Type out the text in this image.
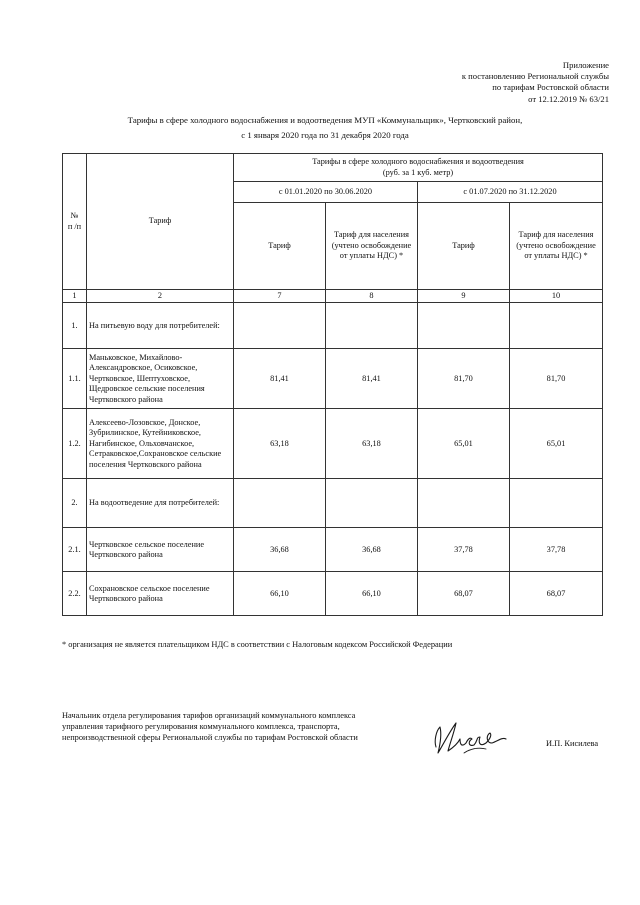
Приложение
к постановлению Региональной службы
по тарифам Ростовской области
от 12.12.2019 № 63/21
Тарифы в сфере холодного водоснабжения и водоотведения МУП «Коммунальщик», Чертковский район,
с 1 января 2020 года по 31 декабря 2020 года
№
п /п	Тариф	Тарифы в сфере холодного водоснабжения и водоотведения
(руб. за 1 куб. метр)			
		с 01.01.2020 по 30.06.2020		с 01.07.2020 по 31.12.2020	
		Тариф	Тариф для населения
(учтено освобождение
от уплаты НДС) *	Тариф	Тариф для населения
(учтено освобождение
от уплаты НДС) *
1	2	7	8	9	10
1.	На питьевую воду для потребителей:				
1.1.	Маньковское, Михайлово-Александровское, Осиковское, Чертковское, Шептуховское, Щедровское сельские поселения Чертковского района	81,41	81,41	81,70	81,70
1.2.	Алексеево-Лозовское, Донское, Зубрилинское, Кутейниковское, Нагибинское, Ольховчанское, Сетраковское,Сохрановское сельские поселения Чертковского района	63,18	63,18	65,01	65,01
2.	На водоотведение для потребителей:				
2.1.	Чертковское сельское поселение Чертковского района	36,68	36,68	37,78	37,78
2.2.	Сохрановское сельское поселение Чертковского района	66,10	66,10	68,07	68,07
* организация не является плательщиком НДС в соответствии с Налоговым кодексом Российской Федерации
Начальник отдела регулирования тарифов организаций коммунального комплекса
управления тарифного регулирования коммунального комплекса, транспорта,
непроизводственной сферы Региональной службы по тарифам Ростовской области
И.П. Кисилева
